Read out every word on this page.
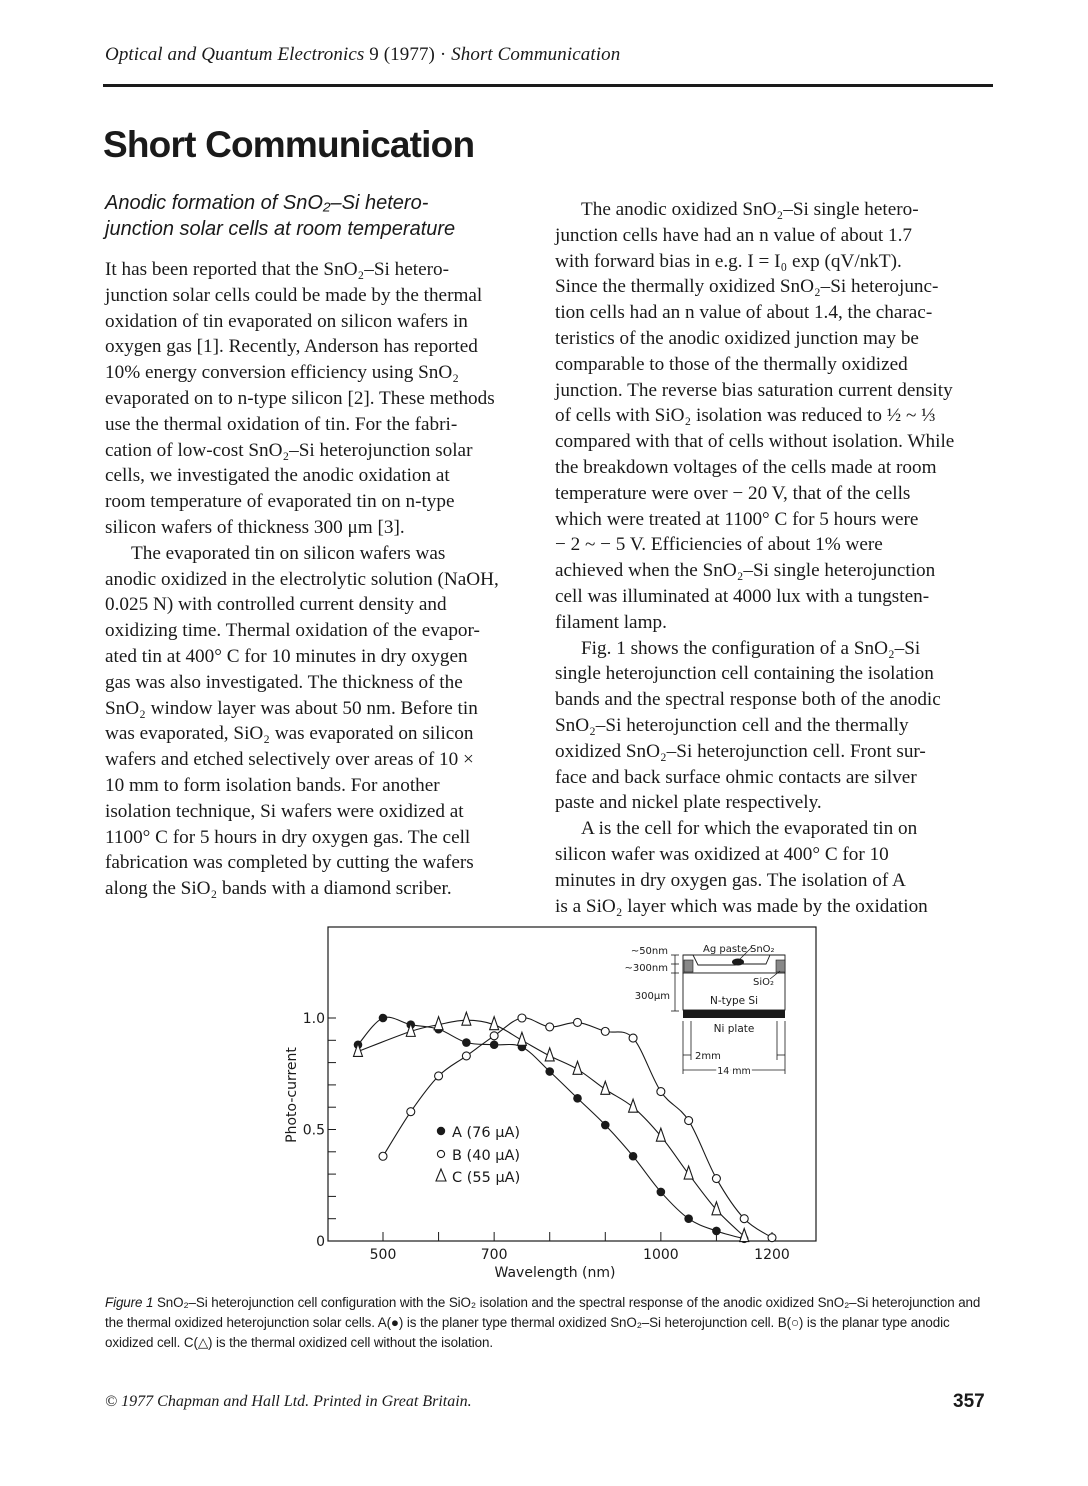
Optical and Quantum Electronics 9 (1977) · Short Communication
Short Communication
Anodic formation of SnO₂–Si hetero-
junction solar cells at room temperature
It has been reported that the SnO₂–Si hetero-
junction solar cells could be made by the thermal
oxidation of tin evaporated on silicon wafers in
oxygen gas [1]. Recently, Anderson has reported
10% energy conversion efficiency using SnO₂
evaporated on to n-type silicon [2]. These methods
use the thermal oxidation of tin. For the fabri-
cation of low-cost SnO₂–Si heterojunction solar
cells, we investigated the anodic oxidation at
room temperature of evaporated tin on n-type
silicon wafers of thickness 300 μm [3].
The evaporated tin on silicon wafers was
anodic oxidized in the electrolytic solution (NaOH,
0.025 N) with controlled current density and
oxidizing time. Thermal oxidation of the evapor-
ated tin at 400° C for 10 minutes in dry oxygen
gas was also investigated. The thickness of the
SnO₂ window layer was about 50 nm. Before tin
was evaporated, SiO₂ was evaporated on silicon
wafers and etched selectively over areas of 10 ×
10 mm to form isolation bands. For another
isolation technique, Si wafers were oxidized at
1100° C for 5 hours in dry oxygen gas. The cell
fabrication was completed by cutting the wafers
along the SiO₂ bands with a diamond scriber.
The anodic oxidized SnO₂–Si single hetero-
junction cells have had an n value of about 1.7
with forward bias in e.g. I = I₀ exp (qV/nkT).
Since the thermally oxidized SnO₂–Si heterojunc-
tion cells had an n value of about 1.4, the charac-
teristics of the anodic oxidized junction may be
comparable to those of the thermally oxidized
junction. The reverse bias saturation current density
of cells with SiO₂ isolation was reduced to ½ ~ ⅓
compared with that of cells without isolation. While
the breakdown voltages of the cells made at room
temperature were over − 20 V, that of the cells
which were treated at 1100° C for 5 hours were
− 2 ~ − 5 V. Efficiencies of about 1% were
achieved when the SnO₂–Si single heterojunction
cell was illuminated at 4000 lux with a tungsten-
filament lamp.
Fig. 1 shows the configuration of a SnO₂–Si
single heterojunction cell containing the isolation
bands and the spectral response both of the anodic
SnO₂–Si heterojunction cell and the thermally
oxidized SnO₂–Si heterojunction cell. Front sur-
face and back surface ohmic contacts are silver
paste and nickel plate respectively.
A is the cell for which the evaporated tin on
silicon wafer was oxidized at 400° C for 10
minutes in dry oxygen gas. The isolation of A
is a SiO₂ layer which was made by the oxidation
0
0.5
1.0
500	700	1000	1200
A (76 μA)
B (40 μA)
C (55 μA)
Wavelength (nm)
Photo-current
~50nm
~300nm
300μm
Ag paste SnO₂
SiO₂
N-type Si
Ni plate
2mm
14 mm
Figure 1 SnO₂–Si heterojunction cell configuration with the SiO₂ isolation and the spectral response of the anodic oxidized SnO₂–Si heterojunction and the thermal oxidized heterojunction solar cells. A(●) is the planer type thermal oxidized SnO₂–Si heterojunction cell. B(○) is the planar type anodic oxidized cell. C(△) is the thermal oxidized cell without the isolation.
© 1977 Chapman and Hall Ltd. Printed in Great Britain.	357
